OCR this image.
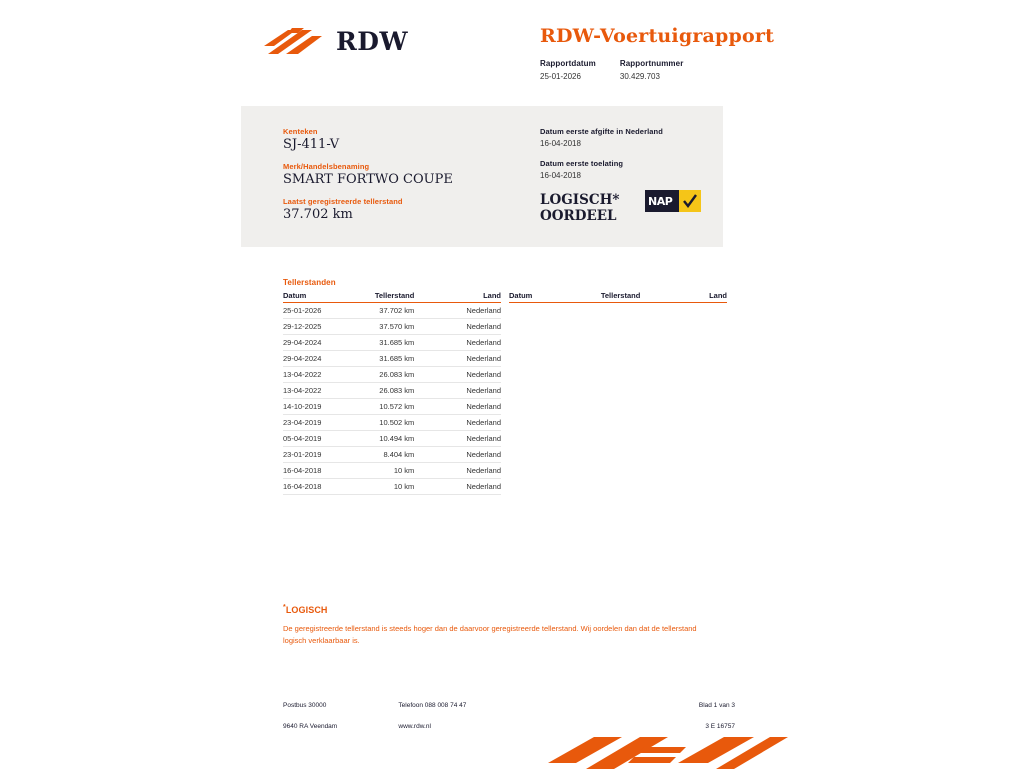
RDW	RDW-Voertuigrapport
Rapportdatum
25-01-2026
Rapportnummer
30.429.703
Kenteken
SJ-411-V
Merk/Handelsbenaming
SMART FORTWO COUPE
Laatst geregistreerde tellerstand
37.702 km
Datum eerste afgifte in Nederland
16-04-2018
Datum eerste toelating
16-04-2018
LOGISCH*
OORDEEL
NAP
Tellerstanden
Datum	Tellerstand	Land
25-01-2026	37.702 km	Nederland
29-12-2025	37.570 km	Nederland
29-04-2024	31.685 km	Nederland
29-04-2024	31.685 km	Nederland
13-04-2022	26.083 km	Nederland
13-04-2022	26.083 km	Nederland
14-10-2019	10.572 km	Nederland
23-04-2019	10.502 km	Nederland
05-04-2019	10.494 km	Nederland
23-01-2019	8.404 km	Nederland
16-04-2018	10 km	Nederland
16-04-2018	10 km	Nederland
Datum	Tellerstand	Land
*LOGISCH
De geregistreerde tellerstand is steeds hoger dan de daarvoor geregistreerde tellerstand. Wij oordelen dan dat de tellerstand logisch verklaarbaar is.
Postbus 30000	Telefoon 088 008 74 47	Blad 1 van 3
9640 RA Veendam	www.rdw.nl	3 E 16757
